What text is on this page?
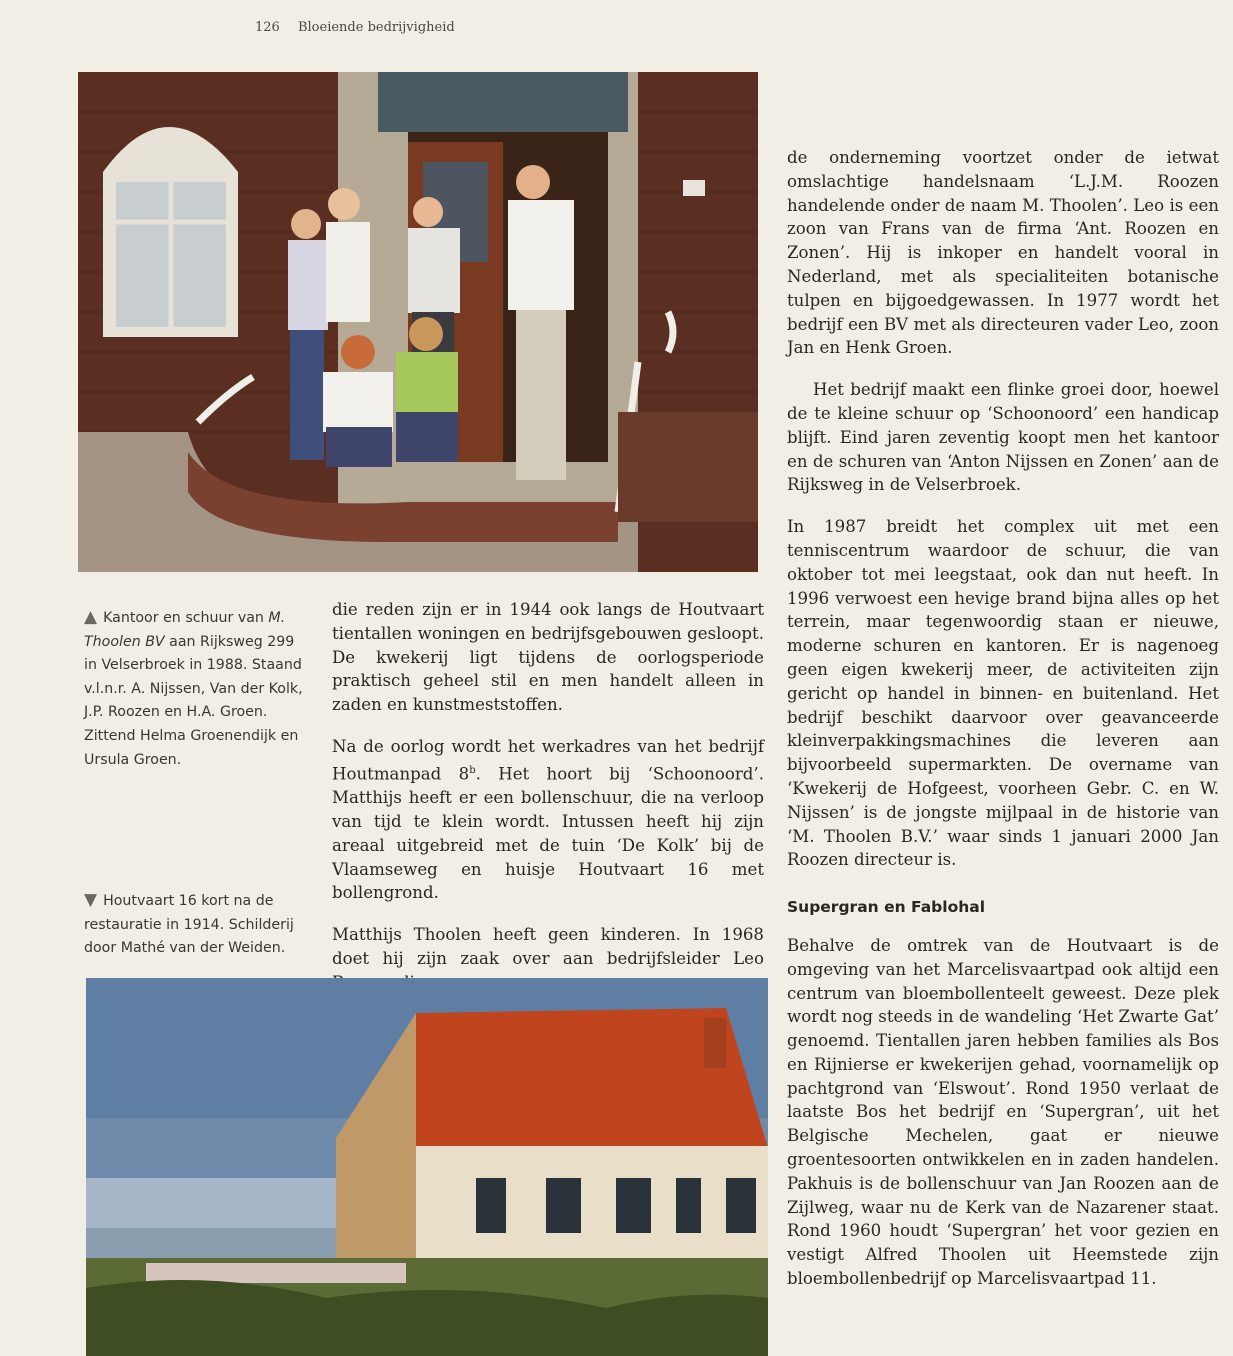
126 Bloeiende bedrijvigheid
▲ Kantoor en schuur van M. Thoolen BV aan Rijksweg 299 in Velserbroek in 1988. Staand v.l.n.r. A. Nijssen, Van der Kolk, J.P. Roozen en H.A. Groen. Zittend Helma Groenendijk en Ursula Groen.
▼ Houtvaart 16 kort na de restauratie in 1914. Schilderij door Mathé van der Weiden.

die reden zijn er in 1944 ook langs de Houtvaart tientallen woningen en bedrijfsgebouwen gesloopt. De kwekerij ligt tijdens de oorlogsperiode praktisch geheel stil en men handelt alleen in zaden en kunstmeststoffen.

Na de oorlog wordt het werkadres van het bedrijf Houtmanpad 8$^b$. Het hoort bij ‘Schoonoord’. Matthijs heeft er een bollenschuur, die na verloop van tijd te klein wordt. Intussen heeft hij zijn areaal uitgebreid met de tuin ‘De Kolk’ bij de Vlaamseweg en huisje Houtvaart 16 met bollengrond.

Matthijs Thoolen heeft geen kinderen. In 1968 doet hij zijn zaak over aan bedrijfsleider Leo

de onderneming voortzet onder de ietwat omslachtige handelsnaam ‘L.J.M. Roozen handelende onder de naam M. Thoolen’. Leo is een zoon van Frans van de firma ‘Ant. Roozen en Zonen’. Hij is inkoper en handelt vooral in Nederland, met als specialiteiten botanische tulpen en bijgoedgewassen. In 1977 wordt het bedrijf een BV met als directeuren vader Leo, zoon Jan en Henk Groen.

Het bedrijf maakt een flinke groei door, hoewel de te kleine schuur op ‘Schoonoord’ een handicap blijft. Eind jaren zeventig koopt men het kantoor en de schuren van ‘Anton Nijssen en Zonen’ aan de Rijksweg in de Velserbroek.

In 1987 breidt het complex uit met een tenniscentrum waardoor de schuur, die van oktober tot mei leegstaat, ook dan nut heeft. In 1996 verwoest een hevige brand bijna alles op het terrein, maar tegenwoordig staan er nieuwe, moderne schuren en kantoren. Er is nagenoeg geen eigen kwekerij meer, de activiteiten zijn gericht op handel in binnen- en buitenland. Het bedrijf beschikt daarvoor over geavanceerde kleinverpakkingsmachines die leveren aan bijvoorbeeld supermarkten. De overname van ‘Kwekerij de Hofgeest, voorheen Gebr. C. en W. Nijssen’ is de jongste mijlpaal in de historie van ‘M. Thoolen B.V.’ waar sinds 1 januari 2000 Jan Roozen directeur is.

Supergran en Fablohal

Behalve de omtrek van de Houtvaart is de omgeving van het Marcelisvaartpad ook altijd een centrum van bloembollenteelt geweest. Deze plek wordt nog steeds in de wandeling ‘Het Zwarte Gat’ genoemd. Tientallen jaren hebben families als Bos en Rijnierse er kwekerijen gehad, voornamelijk op pachtgrond van ‘Elswout’. Rond 1950 verlaat de laatste Bos het bedrijf en ‘Supergran’, uit het Belgische Mechelen, gaat er nieuwe groentesoorten ontwikkelen en in zaden handelen. Pakhuis is de bollenschuur van Jan Roozen aan de Zijlweg, waar nu de Kerk van de Nazarener staat. Rond 1960 houdt ‘Supergran’ het voor gezien en vestigt Alfred Thoolen uit Heemstede zijn bloembollenbedrijf op Marcelisvaartpad 11.
